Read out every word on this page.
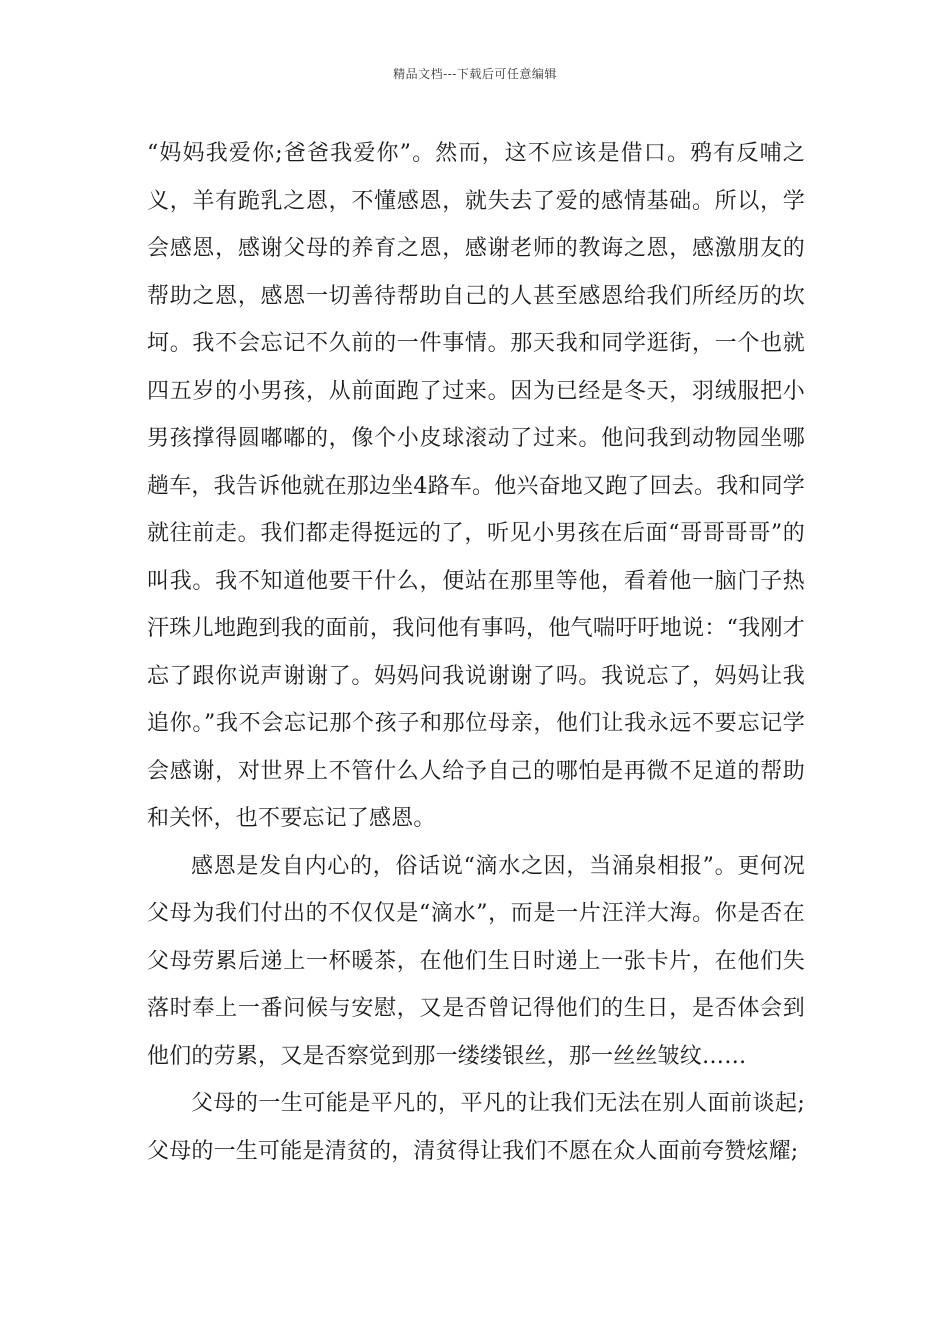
精品文档---下载后可任意编辑

“妈妈我爱你;爸爸我爱你”。然而，这不应该是借口。鸦有反哺之义，羊有跪乳之恩，不懂感恩，就失去了爱的感情基础。所以，学会感恩，感谢父母的养育之恩，感谢老师的教诲之恩，感激朋友的帮助之恩，感恩一切善待帮助自己的人甚至感恩给我们所经历的坎坷。我不会忘记不久前的一件事情。那天我和同学逛街，一个也就四五岁的小男孩，从前面跑了过来。因为已经是冬天，羽绒服把小男孩撑得圆嘟嘟的，像个小皮球滚动了过来。他问我到动物园坐哪趟车，我告诉他就在那边坐4路车。他兴奋地又跑了回去。我和同学就往前走。我们都走得挺远的了，听见小男孩在后面“哥哥哥哥”的叫我。我不知道他要干什么，便站在那里等他，看着他一脑门子热汗珠儿地跑到我的面前，我问他有事吗，他气喘吁吁地说：“我刚才忘了跟你说声谢谢了。妈妈问我说谢谢了吗。我说忘了，妈妈让我追你。”我不会忘记那个孩子和那位母亲，他们让我永远不要忘记学会感谢，对世界上不管什么人给予自己的哪怕是再微不足道的帮助和关怀，也不要忘记了感恩。

感恩是发自内心的，俗话说“滴水之因，当涌泉相报”。更何况父母为我们付出的不仅仅是“滴水”，而是一片汪洋大海。你是否在父母劳累后递上一杯暖茶，在他们生日时递上一张卡片，在他们失落时奉上一番问候与安慰，又是否曾记得他们的生日，是否体会到他们的劳累，又是否察觉到那一缕缕银丝，那一丝丝皱纹……

父母的一生可能是平凡的，平凡的让我们无法在别人面前谈起;父母的一生可能是清贫的，清贫得让我们不愿在众人面前夸赞炫耀;
